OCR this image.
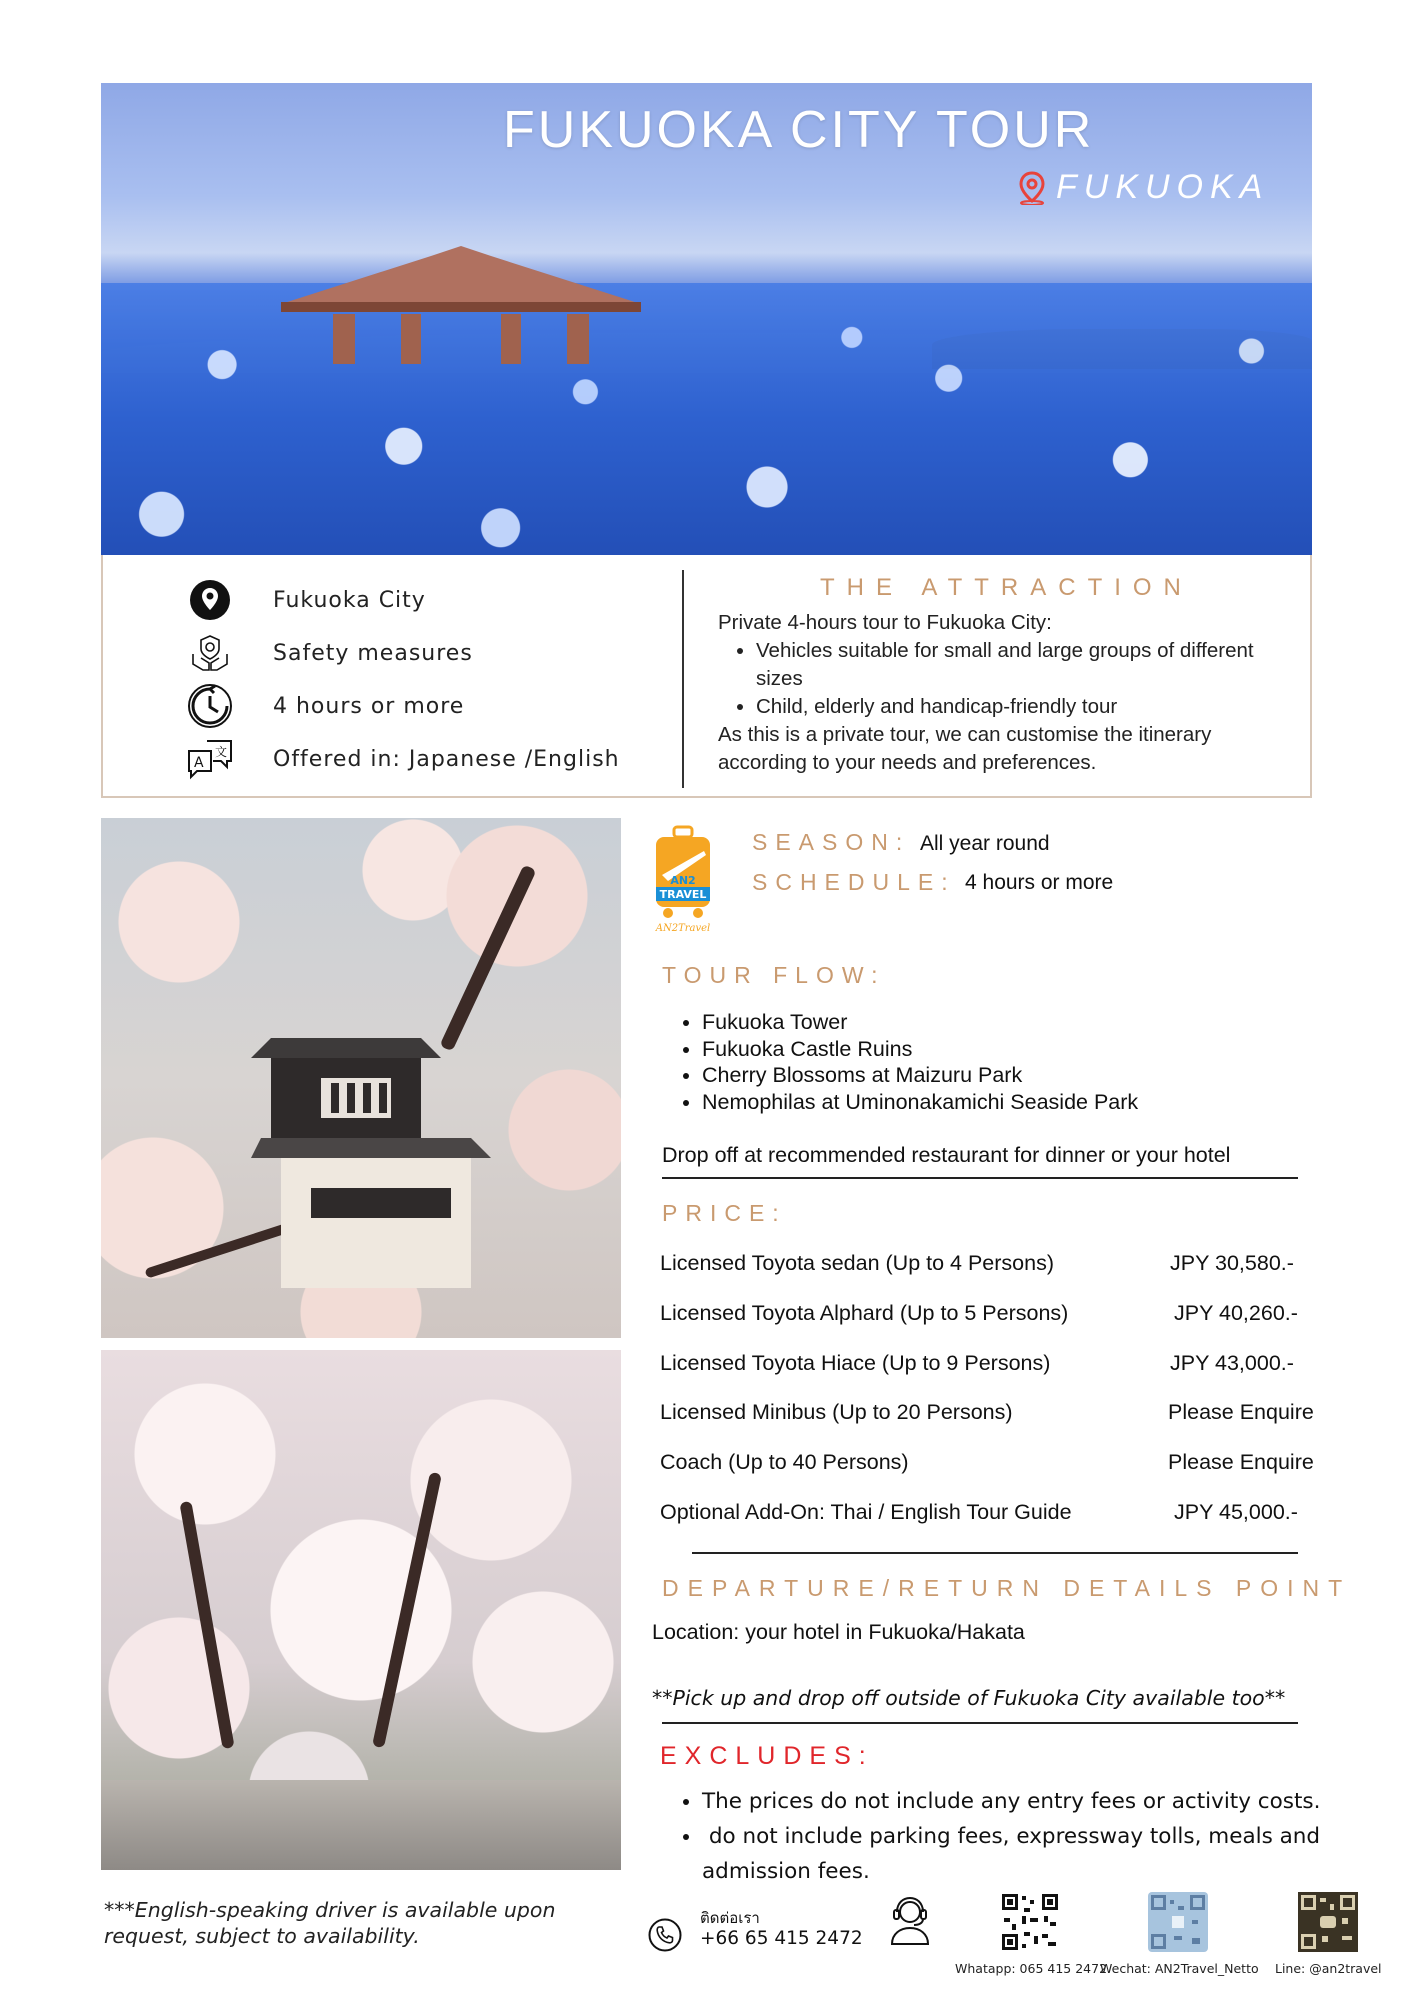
FUKUOKA CITY TOUR
FUKUOKA
Fukuoka City
Safety measures
4 hours or more
A
文 Offered in: Japanese /English
THE ATTRACTION
Private 4-hours tour to Fukuoka City:
• Vehicles suitable for small and large groups of different sizes
• Child, elderly and handicap-friendly tour
As this is a private tour, we can customise the itinerary according to your needs and preferences.
***English-speaking driver is available upon request, subject to availability.
AN2
TRAVEL
AN2Travel
SEASON: All year round
SCHEDULE: 4 hours or more
TOUR FLOW:
• Fukuoka Tower
• Fukuoka Castle Ruins
• Cherry Blossoms at Maizuru Park
• Nemophilas at Uminonakamichi Seaside Park
Drop off at recommended restaurant for dinner or your hotel
PRICE:
Licensed Toyota sedan (Up to 4 Persons)	JPY 30,580.-
Licensed Toyota Alphard (Up to 5 Persons)	JPY 40,260.-
Licensed Toyota Hiace (Up to 9 Persons)	JPY 43,000.-
Licensed Minibus (Up to 20 Persons)	Please Enquire
Coach (Up to 40 Persons)	Please Enquire
Optional Add-On: Thai / English Tour Guide	JPY 45,000.-
DEPARTURE/RETURN DETAILS POINT
Location: your hotel in Fukuoka/Hakata
**Pick up and drop off outside of Fukuoka City available too**
EXCLUDES:
• The prices do not include any entry fees or activity costs.
•  do not include parking fees, expressway tolls, meals and admission fees.
ติดต่อเรา
+66 65 415 2472
Whatapp: 065 415 2472
Wechat: AN2Travel_Netto Line: @an2travel
